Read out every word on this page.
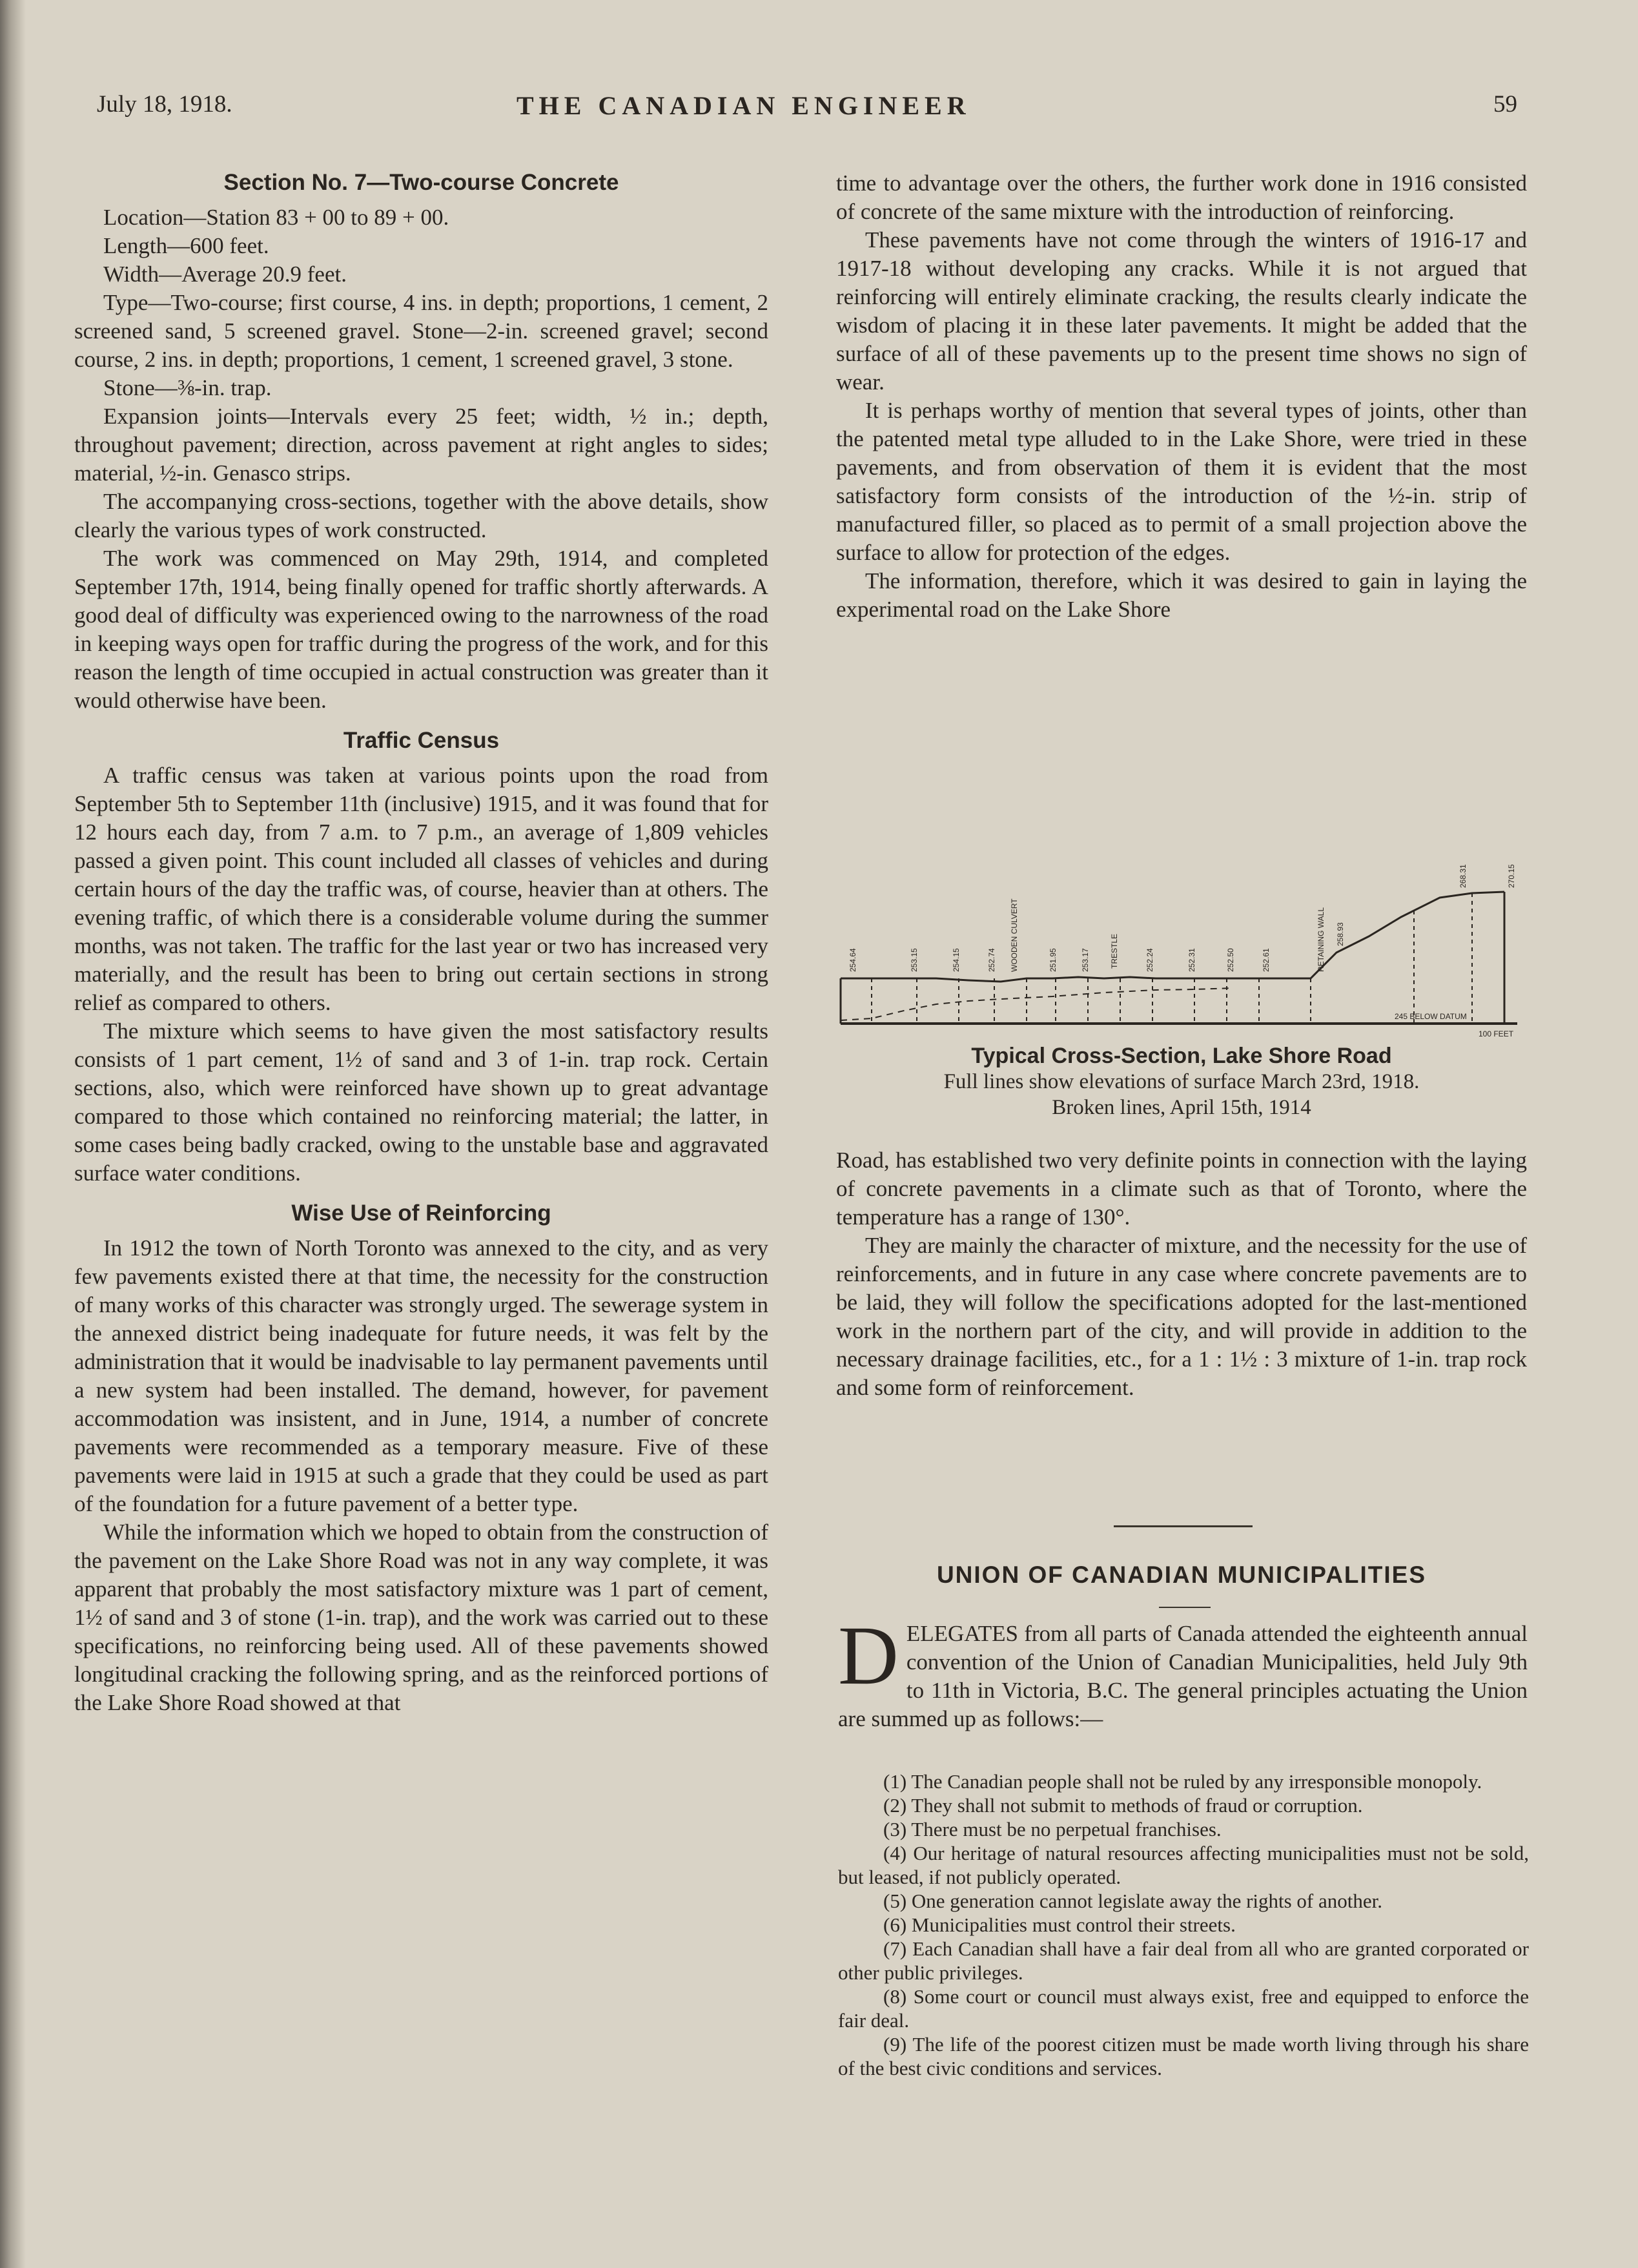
July 18, 1918.	THE CANADIAN ENGINEER	59
Section No. 7—Two-course Concrete

Location—Station 83 + 00 to 89 + 00.

Length—600 feet.

Width—Average 20.9 feet.

Type—Two-course; first course, 4 ins. in depth; proportions, 1 cement, 2 screened sand, 5 screened gravel. Stone—2-in. screened gravel; second course, 2 ins. in depth; proportions, 1 cement, 1 screened gravel, 3 stone.

Stone—⅜-in. trap.

Expansion joints—Intervals every 25 feet; width, ½ in.; depth, throughout pavement; direction, across pavement at right angles to sides; material, ½-in. Genasco strips.

The accompanying cross-sections, together with the above details, show clearly the various types of work constructed.

The work was commenced on May 29th, 1914, and completed September 17th, 1914, being finally opened for traffic shortly afterwards. A good deal of difficulty was experienced owing to the narrowness of the road in keeping ways open for traffic during the progress of the work, and for this reason the length of time occupied in actual construction was greater than it would otherwise have been.

Traffic Census

A traffic census was taken at various points upon the road from September 5th to September 11th (inclusive) 1915, and it was found that for 12 hours each day, from 7 a.m. to 7 p.m., an average of 1,809 vehicles passed a given point. This count included all classes of vehicles and during certain hours of the day the traffic was, of course, heavier than at others. The evening traffic, of which there is a considerable volume during the summer months, was not taken. The traffic for the last year or two has increased very materially, and the result has been to bring out certain sections in strong relief as compared to others.

The mixture which seems to have given the most satisfactory results consists of 1 part cement, 1½ of sand and 3 of 1-in. trap rock. Certain sections, also, which were reinforced have shown up to great advantage compared to those which contained no reinforcing material; the latter, in some cases being badly cracked, owing to the unstable base and aggravated surface water conditions.

Wise Use of Reinforcing

In 1912 the town of North Toronto was annexed to the city, and as very few pavements existed there at that time, the necessity for the construction of many works of this character was strongly urged. The sewerage system in the annexed district being inadequate for future needs, it was felt by the administration that it would be inadvisable to lay permanent pavements until a new system had been installed. The demand, however, for pavement accommodation was insistent, and in June, 1914, a number of concrete pavements were recommended as a temporary measure. Five of these pavements were laid in 1915 at such a grade that they could be used as part of the foundation for a future pavement of a better type.

While the information which we hoped to obtain from the construction of the pavement on the Lake Shore Road was not in any way complete, it was apparent that probably the most satisfactory mixture was 1 part of cement, 1½ of sand and 3 of stone (1-in. trap), and the work was carried out to these specifications, no reinforcing being used. All of these pavements showed longitudinal cracking the following spring, and as the reinforced portions of the Lake Shore Road showed at that

time to advantage over the others, the further work done in 1916 consisted of concrete of the same mixture with the introduction of reinforcing.

These pavements have not come through the winters of 1916-17 and 1917-18 without developing any cracks. While it is not argued that reinforcing will entirely eliminate cracking, the results clearly indicate the wisdom of placing it in these later pavements. It might be added that the surface of all of these pavements up to the present time shows no sign of wear.

It is perhaps worthy of mention that several types of joints, other than the patented metal type alluded to in the Lake Shore, were tried in these pavements, and from observation of them it is evident that the most satisfactory form consists of the introduction of the ½-in. strip of manufactured filler, so placed as to permit of a small projection above the surface to allow for protection of the edges.

The information, therefore, which it was desired to gain in laying the experimental road on the Lake Shore

254.64	253.15	254.15	252.74 WOODEN CULVERT	251.95	253.17	TRESTLE	252.24	252.31	252.50	252.61	RETAINING WALL 258.93
268.31	270.15
245 BELOW DATUM
100 FEET
Typical Cross-Section, Lake Shore Road
Full lines show elevations of surface March 23rd, 1918.
Broken lines, April 15th, 1914

Road, has established two very definite points in connection with the laying of concrete pavements in a climate such as that of Toronto, where the temperature has a range of 130°.

They are mainly the character of mixture, and the necessity for the use of reinforcements, and in future in any case where concrete pavements are to be laid, they will follow the specifications adopted for the last-mentioned work in the northern part of the city, and will provide in addition to the necessary drainage facilities, etc., for a 1 : 1½ : 3 mixture of 1-in. trap rock and some form of reinforcement.

UNION OF CANADIAN MUNICIPALITIES
D ELEGATES from all parts of Canada attended the eighteenth annual convention of the Union of Canadian Municipalities, held July 9th to 11th in Victoria, B.C. The general principles actuating the Union are summed up as follows:—

(1) The Canadian people shall not be ruled by any irresponsible monopoly.

(2) They shall not submit to methods of fraud or corruption.

(3) There must be no perpetual franchises.

(4) Our heritage of natural resources affecting municipalities must not be sold, but leased, if not publicly operated.

(5) One generation cannot legislate away the rights of another.

(6) Municipalities must control their streets.

(7) Each Canadian shall have a fair deal from all who are granted corporated or other public privileges.

(8) Some court or council must always exist, free and equipped to enforce the fair deal.

(9) The life of the poorest citizen must be made worth living through his share of the best civic conditions and services.
